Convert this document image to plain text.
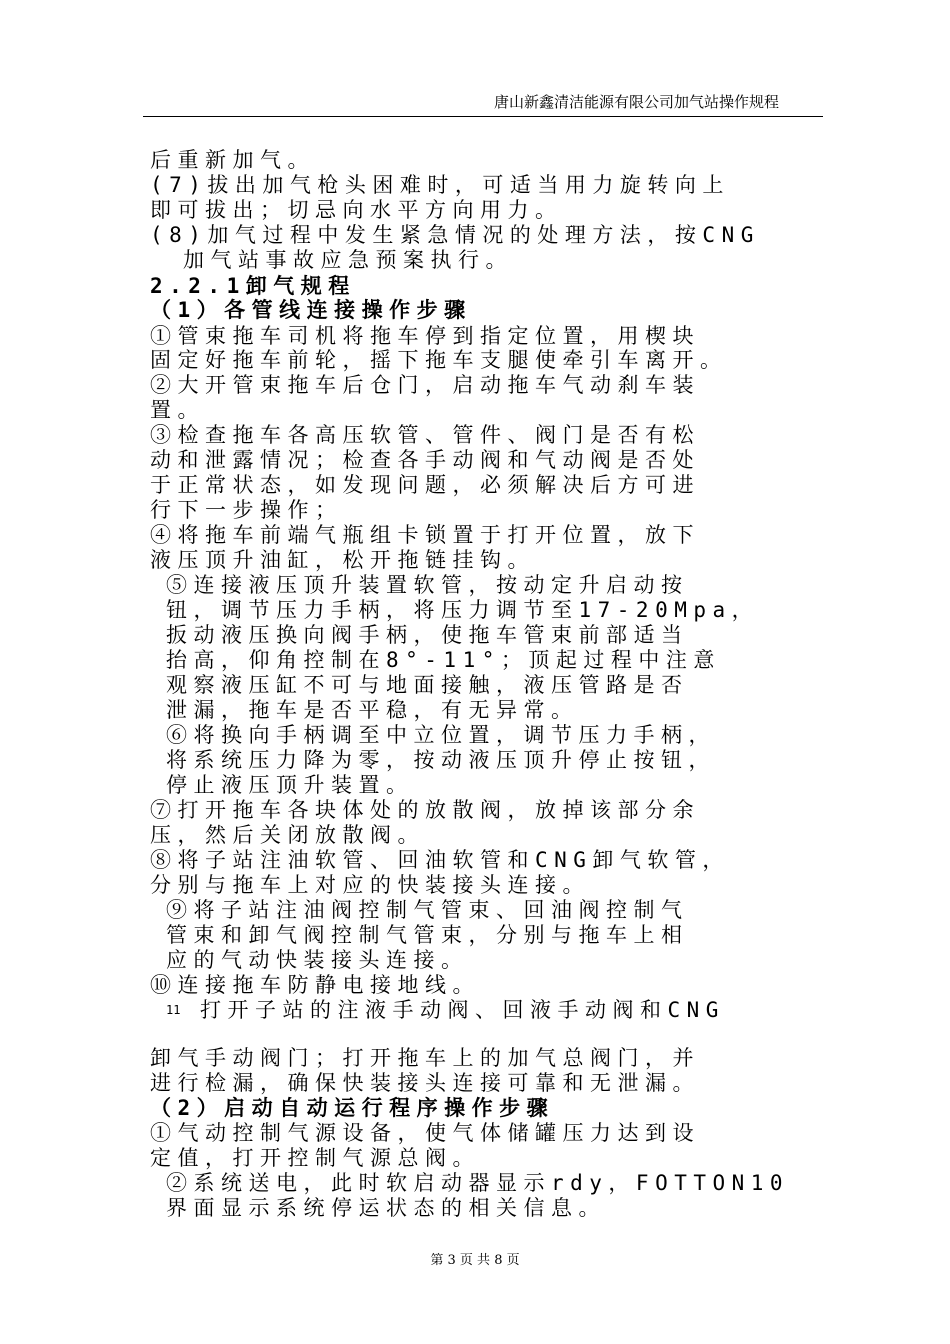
唐山新鑫清洁能源有限公司加气站操作规程
后重新加气。
(7)拔出加气枪头困难时，可适当用力旋转向上
即可拔出；切忌向水平方向用力。
(8)加气过程中发生紧急情况的处理方法，按CNG
加气站事故应急预案执行。
2.2.1卸气规程
（1）各管线连接操作步骤
①管束拖车司机将拖车停到指定位置，用楔块
固定好拖车前轮，摇下拖车支腿使牵引车离开。
②大开管束拖车后仓门，启动拖车气动刹车装
置。
③检查拖车各高压软管、管件、阀门是否有松
动和泄露情况；检查各手动阀和气动阀是否处
于正常状态，如发现问题，必须解决后方可进
行下一步操作；
④将拖车前端气瓶组卡锁置于打开位置，放下
液压顶升油缸，松开拖链挂钩。
⑤连接液压顶升装置软管，按动定升启动按
钮，调节压力手柄，将压力调节至17-20Mpa，
扳动液压换向阀手柄，使拖车管束前部适当
抬高，仰角控制在8°-11°；顶起过程中注意
观察液压缸不可与地面接触，液压管路是否
泄漏，拖车是否平稳，有无异常。
⑥将换向手柄调至中立位置，调节压力手柄，
将系统压力降为零，按动液压顶升停止按钮，
停止液压顶升装置。
⑦打开拖车各块体处的放散阀，放掉该部分余
压，然后关闭放散阀。
⑧将子站注油软管、回油软管和CNG卸气软管，
分别与拖车上对应的快装接头连接。
⑨将子站注油阀控制气管束、回油阀控制气
管束和卸气阀控制气管束，分别与拖车上相
应的气动快装接头连接。
⑩连接拖车防静电接地线。
11 打开子站的注液手动阀、回液手动阀和CNG
卸气手动阀门；打开拖车上的加气总阀门，并
进行检漏，确保快装接头连接可靠和无泄漏。
（2）启动自动运行程序操作步骤
①气动控制气源设备，使气体储罐压力达到设
定值，打开控制气源总阀。
②系统送电，此时软启动器显示rdy，FOTTON10
界面显示系统停运状态的相关信息。
第 3 页 共 8 页
